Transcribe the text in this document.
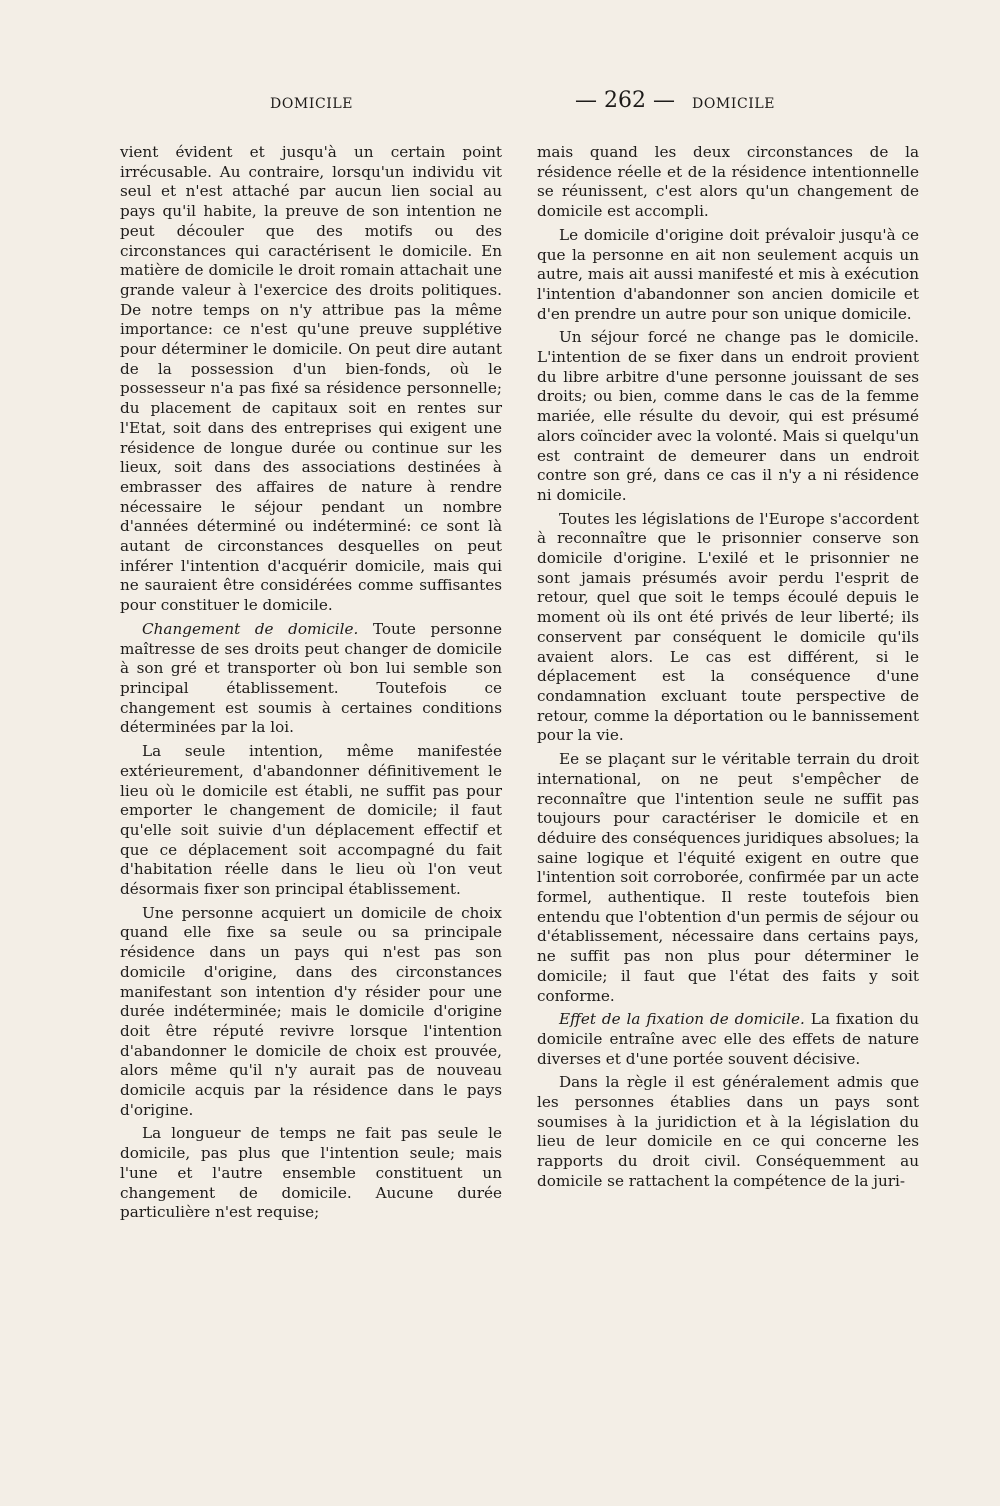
DOMICILE	— 262 — DOMICILE

vient évident et jusqu'à un certain point irrécusable. Au contraire, lorsqu'un individu vit seul et n'est attaché par aucun lien social au pays qu'il habite, la preuve de son intention ne peut découler que des motifs ou des circonstances qui caractérisent le domicile. En matière de domicile le droit romain attachait une grande valeur à l'exercice des droits politiques. De notre temps on n'y attribue pas la même importance: ce n'est qu'une preuve supplétive pour déterminer le domicile. On peut dire autant de la possession d'un bien-fonds, où le possesseur n'a pas fixé sa résidence personnelle; du placement de capitaux soit en rentes sur l'Etat, soit dans des entreprises qui exigent une résidence de longue durée ou continue sur les lieux, soit dans des associations destinées à embrasser des affaires de nature à rendre nécessaire le séjour pendant un nombre d'années déterminé ou indéterminé: ce sont là autant de circonstances desquelles on peut inférer l'intention d'acquérir domicile, mais qui ne sauraient être considérées comme suffisantes pour constituer le domicile.

Changement de domicile. Toute personne maîtresse de ses droits peut changer de domicile à son gré et transporter où bon lui semble son principal établissement. Toutefois ce changement est soumis à certaines conditions déterminées par la loi.

La seule intention, même manifestée extérieurement, d'abandonner définitivement le lieu où le domicile est établi, ne suffit pas pour emporter le changement de domicile; il faut qu'elle soit suivie d'un déplacement effectif et que ce déplacement soit accompagné du fait d'habitation réelle dans le lieu où l'on veut désormais fixer son principal établissement.

Une personne acquiert un domicile de choix quand elle fixe sa seule ou sa principale résidence dans un pays qui n'est pas son domicile d'origine, dans des circonstances manifestant son intention d'y résider pour une durée indéterminée; mais le domicile d'origine doit être réputé revivre lorsque l'intention d'abandonner le domicile de choix est prouvée, alors même qu'il n'y aurait pas de nouveau domicile acquis par la résidence dans le pays d'origine.

La longueur de temps ne fait pas seule le domicile, pas plus que l'intention seule; mais l'une et l'autre ensemble constituent un changement de domicile. Aucune durée particulière n'est requise;

mais quand les deux circonstances de la résidence réelle et de la résidence intentionnelle se réunissent, c'est alors qu'un changement de domicile est accompli.

Le domicile d'origine doit prévaloir jusqu'à ce que la personne en ait non seulement acquis un autre, mais ait aussi manifesté et mis à exécution l'intention d'abandonner son ancien domicile et d'en prendre un autre pour son unique domicile.

Un séjour forcé ne change pas le domicile. L'intention de se fixer dans un endroit provient du libre arbitre d'une personne jouissant de ses droits; ou bien, comme dans le cas de la femme mariée, elle résulte du devoir, qui est présumé alors coïncider avec la volonté. Mais si quelqu'un est contraint de demeurer dans un endroit contre son gré, dans ce cas il n'y a ni résidence ni domicile.

Toutes les législations de l'Europe s'accordent à reconnaître que le prisonnier conserve son domicile d'origine. L'exilé et le prisonnier ne sont jamais présumés avoir perdu l'esprit de retour, quel que soit le temps écoulé depuis le moment où ils ont été privés de leur liberté; ils conservent par conséquent le domicile qu'ils avaient alors. Le cas est différent, si le déplacement est la conséquence d'une condamnation excluant toute perspective de retour, comme la déportation ou le bannissement pour la vie.

Ee se plaçant sur le véritable terrain du droit international, on ne peut s'empêcher de reconnaître que l'intention seule ne suffit pas toujours pour caractériser le domicile et en déduire des conséquences juridiques absolues; la saine logique et l'équité exigent en outre que l'intention soit corroborée, confirmée par un acte formel, authentique. Il reste toutefois bien entendu que l'obtention d'un permis de séjour ou d'établissement, nécessaire dans certains pays, ne suffit pas non plus pour déterminer le domicile; il faut que l'état des faits y soit conforme.

Effet de la fixation de domicile. La fixation du domicile entraîne avec elle des effets de nature diverses et d'une portée souvent décisive.

Dans la règle il est généralement admis que les personnes établies dans un pays sont soumises à la juridiction et à la législation du lieu de leur domicile en ce qui concerne les rapports du droit civil. Conséquemment au domicile se rattachent la compétence de la juri-
